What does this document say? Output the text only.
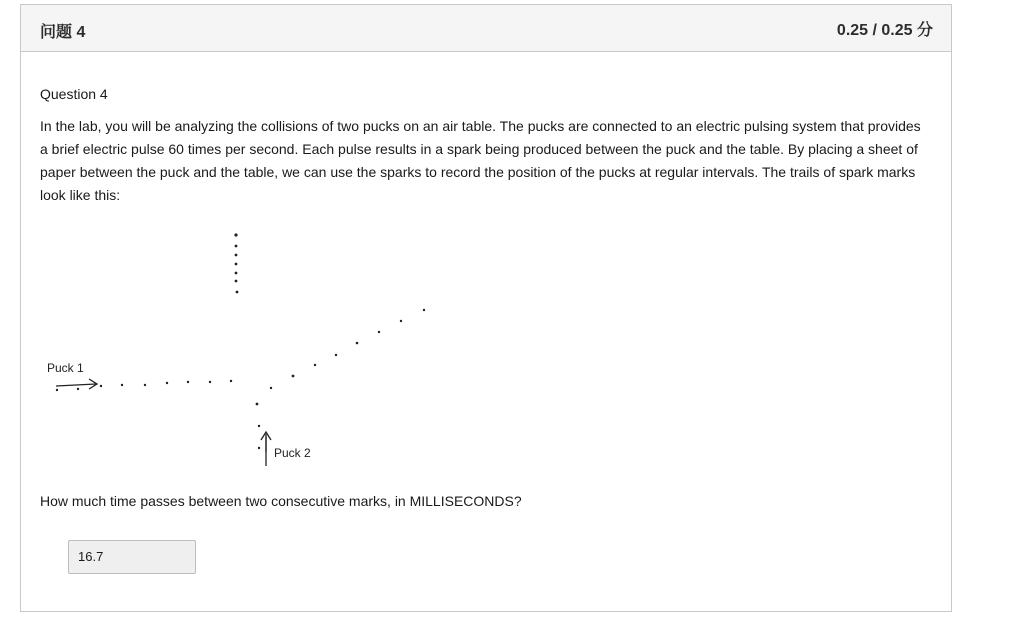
问题 4	0.25 / 0.25 分
Question 4
In the lab, you will be analyzing the collisions of two pucks on an air table. The pucks are connected to an electric pulsing system that provides a brief electric pulse 60 times per second. Each pulse results in a spark being produced between the puck and the table. By placing a sheet of paper between the puck and the table, we can use the sparks to record the position of the pucks at regular intervals. The trails of spark marks look like this:
Puck 1
Puck 2
How much time passes between two consecutive marks, in MILLISECONDS?
16.7
